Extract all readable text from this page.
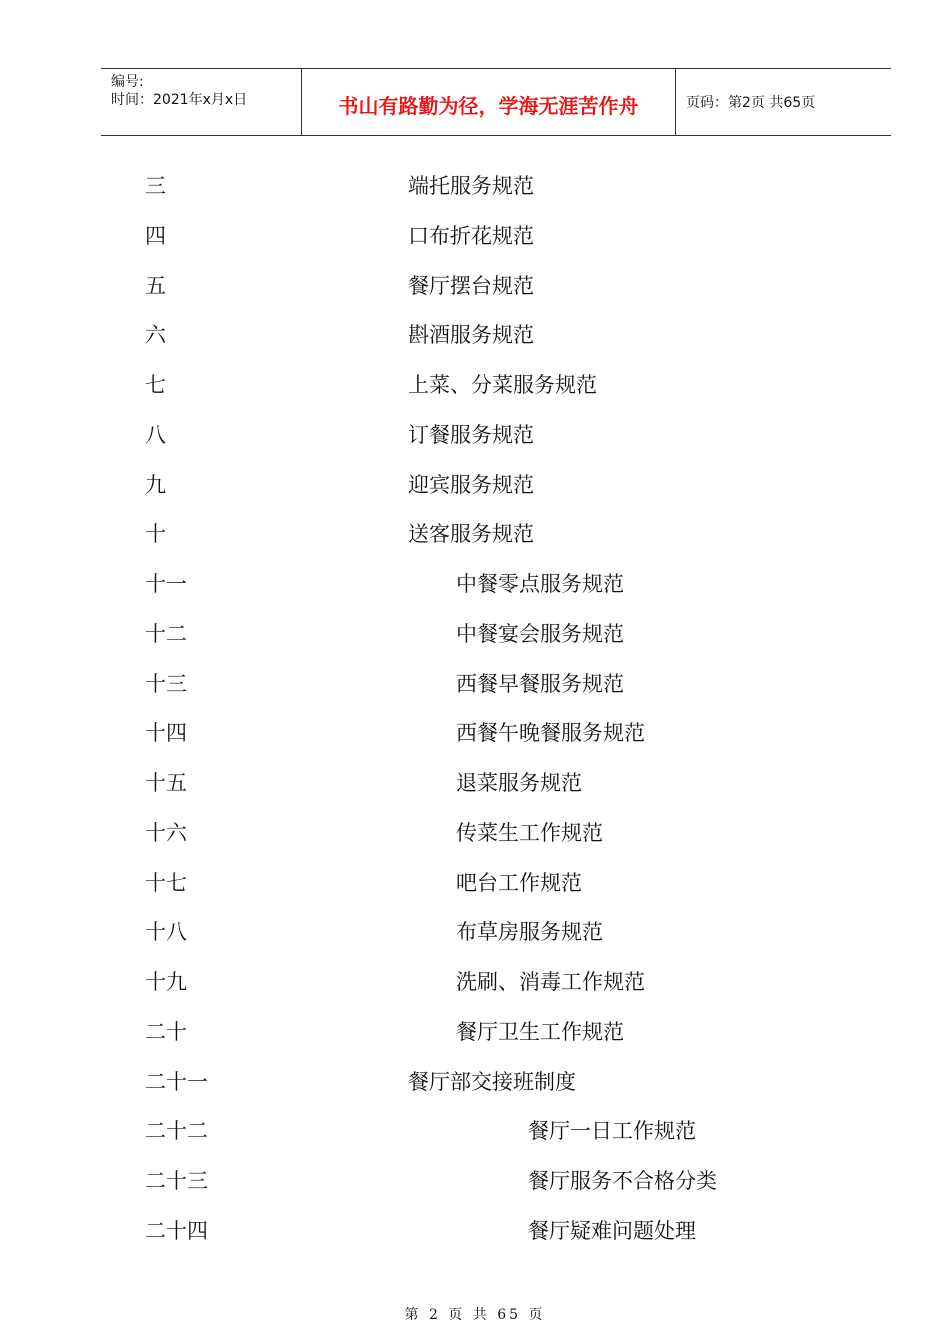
编号:
时间：2021年x月x日	书山有路勤为径，学海无涯苦作舟	页码：第2页 共65页
三	端托服务规范
四	口布折花规范
五	餐厅摆台规范
六	斟酒服务规范
七	上菜、分菜服务规范
八	订餐服务规范
九	迎宾服务规范
十	送客服务规范
十一	中餐零点服务规范
十二	中餐宴会服务规范
十三	西餐早餐服务规范
十四	西餐午晚餐服务规范
十五	退菜服务规范
十六	传菜生工作规范
十七	吧台工作规范
十八	布草房服务规范
十九	洗刷、消毒工作规范
二十	餐厅卫生工作规范
二十一	餐厅部交接班制度
二十二	餐厅一日工作规范
二十三	餐厅服务不合格分类
二十四	餐厅疑难问题处理
第 2 页 共 65 页
